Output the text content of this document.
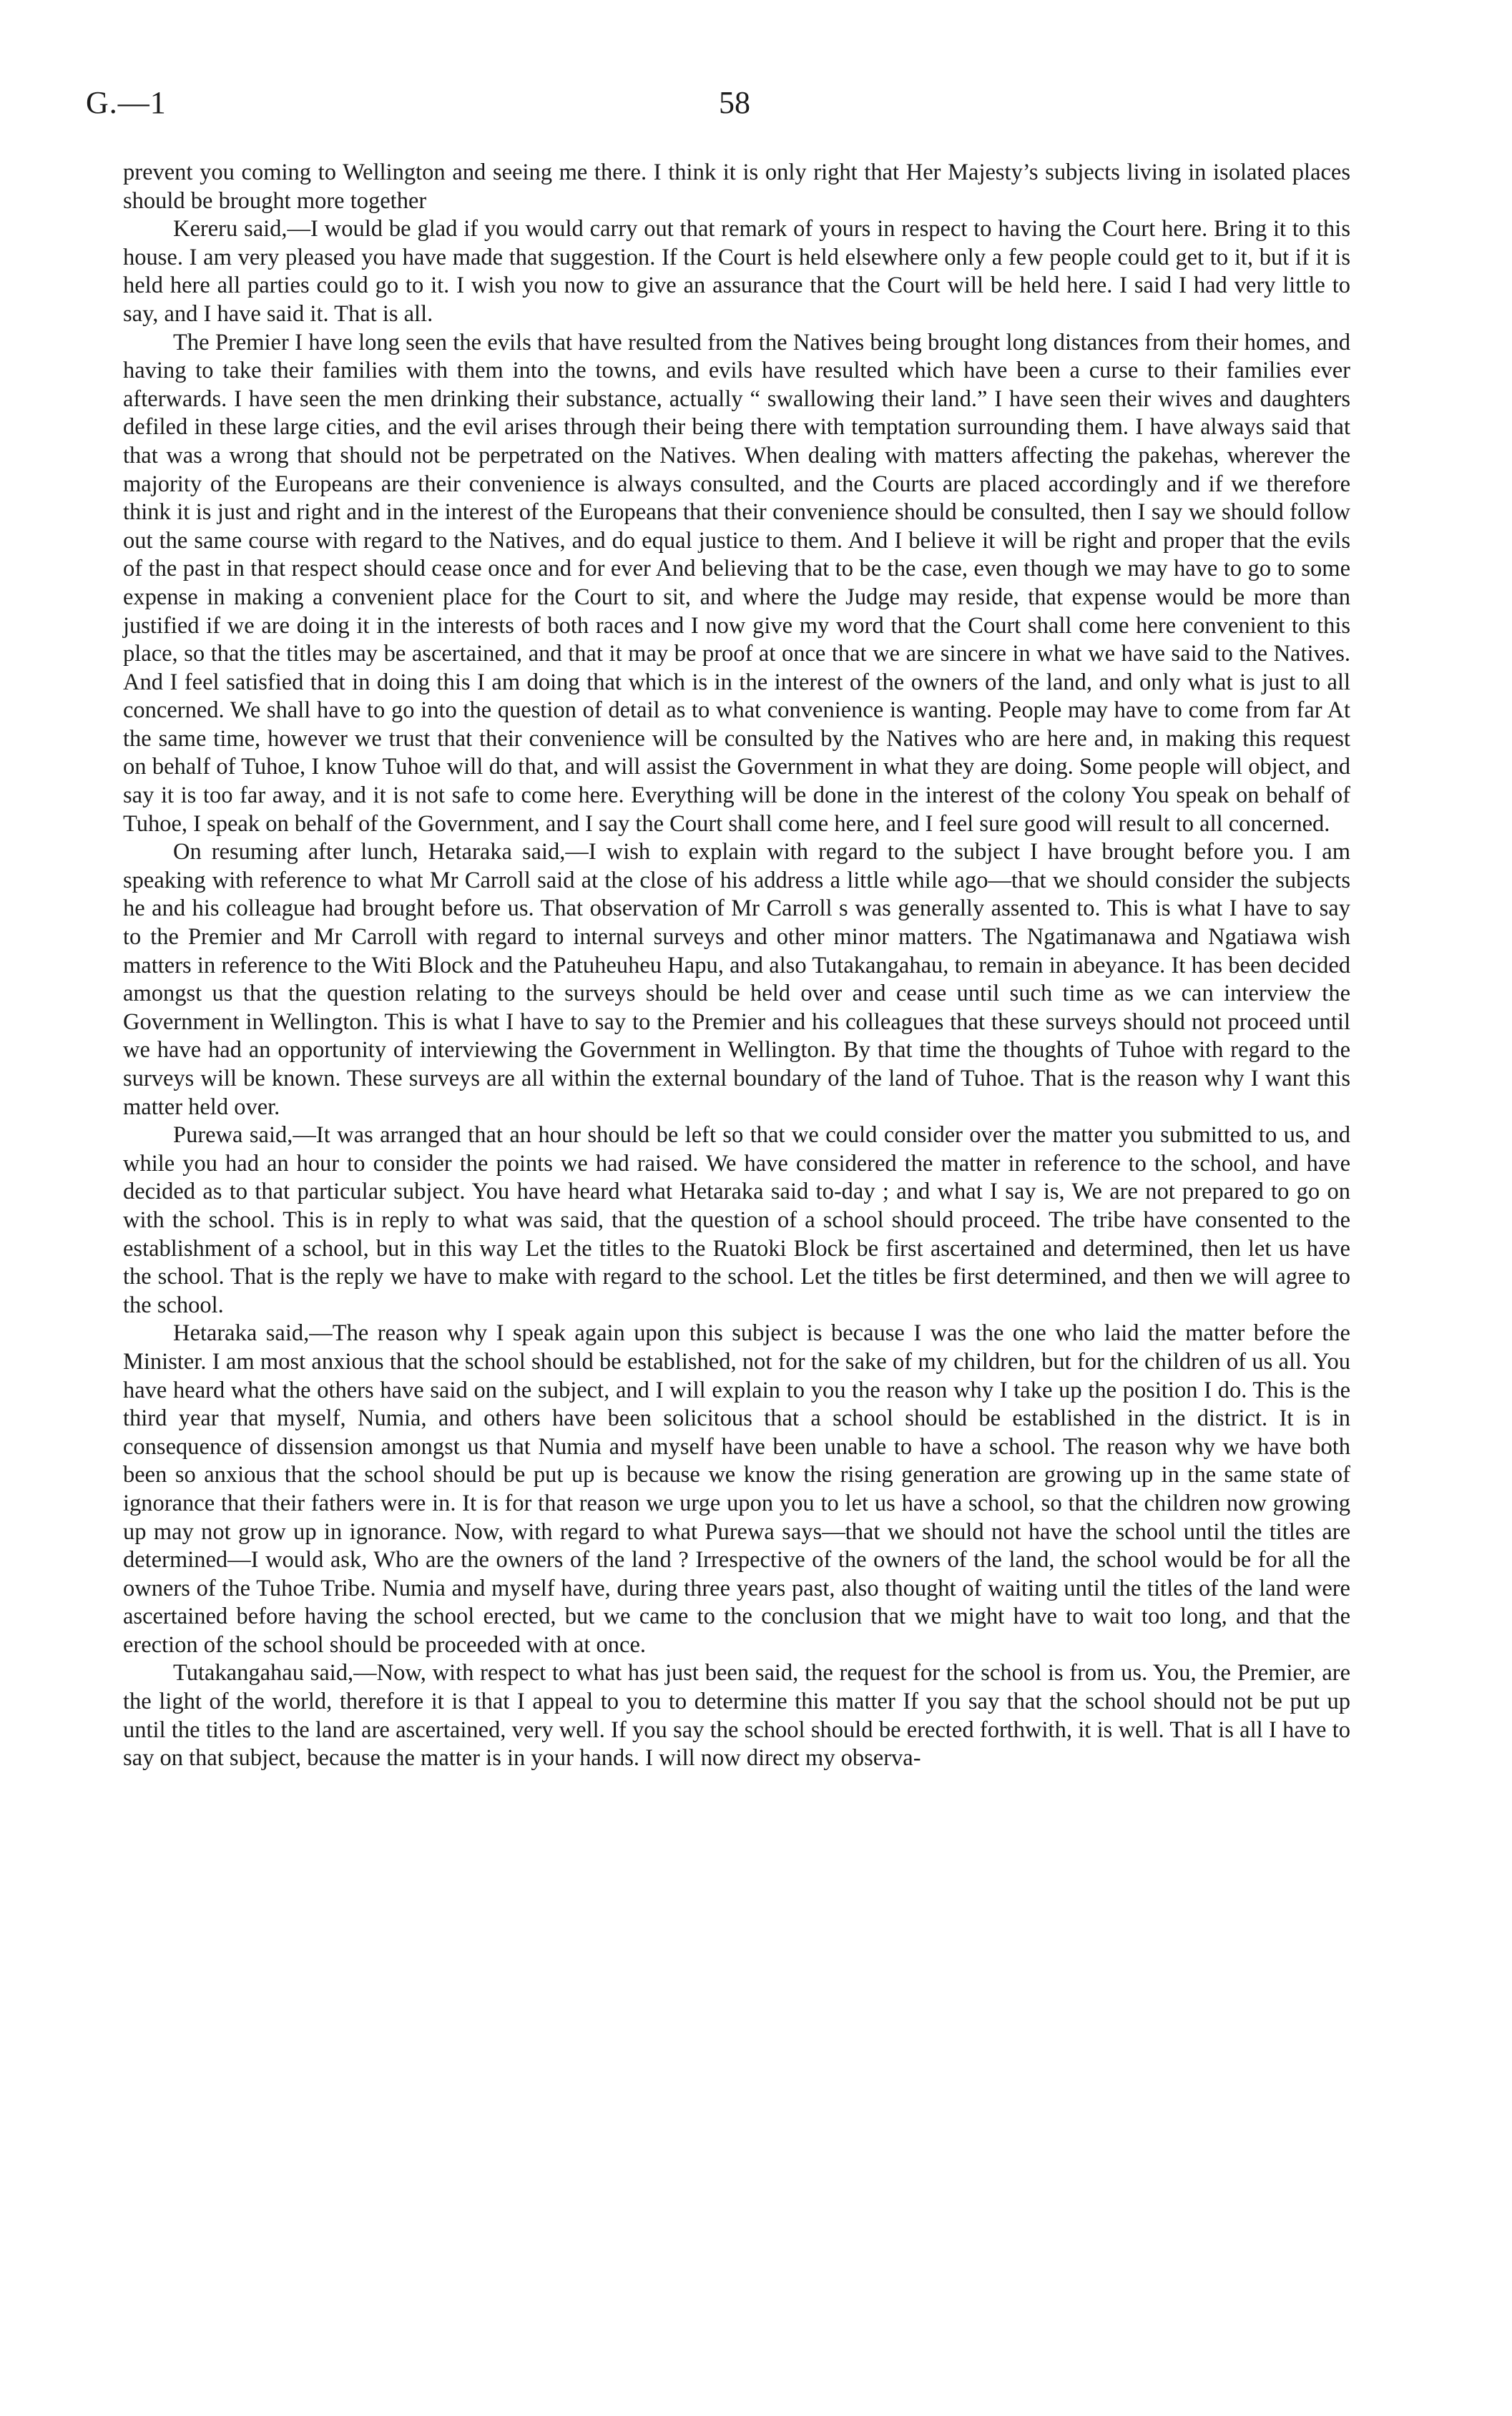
G.—1	58

prevent you coming to Wellington and seeing me there. I think it is only right that Her Majesty’s subjects living in isolated places should be brought more together

Kereru said,—I would be glad if you would carry out that remark of yours in respect to having the Court here. Bring it to this house. I am very pleased you have made that suggestion. If the Court is held elsewhere only a few people could get to it, but if it is held here all parties could go to it. I wish you now to give an assurance that the Court will be held here. I said I had very little to say, and I have said it. That is all.

The Premier I have long seen the evils that have resulted from the Natives being brought long distances from their homes, and having to take their families with them into the towns, and evils have resulted which have been a curse to their families ever afterwards. I have seen the men drinking their substance, actually “ swallowing their land.” I have seen their wives and daughters defiled in these large cities, and the evil arises through their being there with temptation surrounding them. I have always said that that was a wrong that should not be perpetrated on the Natives. When dealing with matters affecting the pakehas, wherever the majority of the Europeans are their convenience is always consulted, and the Courts are placed accordingly and if we therefore think it is just and right and in the interest of the Europeans that their convenience should be consulted, then I say we should follow out the same course with regard to the Natives, and do equal justice to them. And I believe it will be right and proper that the evils of the past in that respect should cease once and for ever And believing that to be the case, even though we may have to go to some expense in making a convenient place for the Court to sit, and where the Judge may reside, that expense would be more than justified if we are doing it in the interests of both races and I now give my word that the Court shall come here convenient to this place, so that the titles may be ascertained, and that it may be proof at once that we are sincere in what we have said to the Natives. And I feel satisfied that in doing this I am doing that which is in the interest of the owners of the land, and only what is just to all concerned. We shall have to go into the question of detail as to what convenience is wanting. People may have to come from far At the same time, however we trust that their convenience will be consulted by the Natives who are here and, in making this request on behalf of Tuhoe, I know Tuhoe will do that, and will assist the Government in what they are doing. Some people will object, and say it is too far away, and it is not safe to come here. Everything will be done in the interest of the colony You speak on behalf of Tuhoe, I speak on behalf of the Government, and I say the Court shall come here, and I feel sure good will result to all concerned.

On resuming after lunch, Hetaraka said,—I wish to explain with regard to the subject I have brought before you. I am speaking with reference to what Mr Carroll said at the close of his address a little while ago—that we should consider the subjects he and his colleague had brought before us. That observation of Mr Carroll s was generally assented to. This is what I have to say to the Premier and Mr Carroll with regard to internal surveys and other minor matters. The Ngatimanawa and Ngatiawa wish matters in reference to the Witi Block and the Patuheuheu Hapu, and also Tutakangahau, to remain in abeyance. It has been decided amongst us that the question relating to the surveys should be held over and cease until such time as we can interview the Government in Wellington. This is what I have to say to the Premier and his colleagues that these surveys should not proceed until we have had an opportunity of interviewing the Government in Wellington. By that time the thoughts of Tuhoe with regard to the surveys will be known. These surveys are all within the external boundary of the land of Tuhoe. That is the reason why I want this matter held over.

Purewa said,—It was arranged that an hour should be left so that we could consider over the matter you submitted to us, and while you had an hour to consider the points we had raised. We have considered the matter in reference to the school, and have decided as to that particular subject. You have heard what Hetaraka said to-day ; and what I say is, We are not prepared to go on with the school. This is in reply to what was said, that the question of a school should proceed. The tribe have consented to the establishment of a school, but in this way Let the titles to the Ruatoki Block be first ascertained and determined, then let us have the school. That is the reply we have to make with regard to the school. Let the titles be first determined, and then we will agree to the school.

Hetaraka said,—The reason why I speak again upon this subject is because I was the one who laid the matter before the Minister. I am most anxious that the school should be established, not for the sake of my children, but for the children of us all. You have heard what the others have said on the subject, and I will explain to you the reason why I take up the position I do. This is the third year that myself, Numia, and others have been solicitous that a school should be established in the district. It is in consequence of dissension amongst us that Numia and myself have been unable to have a school. The reason why we have both been so anxious that the school should be put up is because we know the rising generation are growing up in the same state of ignorance that their fathers were in. It is for that reason we urge upon you to let us have a school, so that the children now growing up may not grow up in ignorance. Now, with regard to what Purewa says—that we should not have the school until the titles are determined—I would ask, Who are the owners of the land ? Irrespective of the owners of the land, the school would be for all the owners of the Tuhoe Tribe. Numia and myself have, during three years past, also thought of waiting until the titles of the land were ascertained before having the school erected, but we came to the conclusion that we might have to wait too long, and that the erection of the school should be proceeded with at once.

Tutakangahau said,—Now, with respect to what has just been said, the request for the school is from us. You, the Premier, are the light of the world, therefore it is that I appeal to you to determine this matter If you say that the school should not be put up until the titles to the land are ascertained, very well. If you say the school should be erected forthwith, it is well. That is all I have to say on that subject, because the matter is in your hands. I will now direct my observa-
